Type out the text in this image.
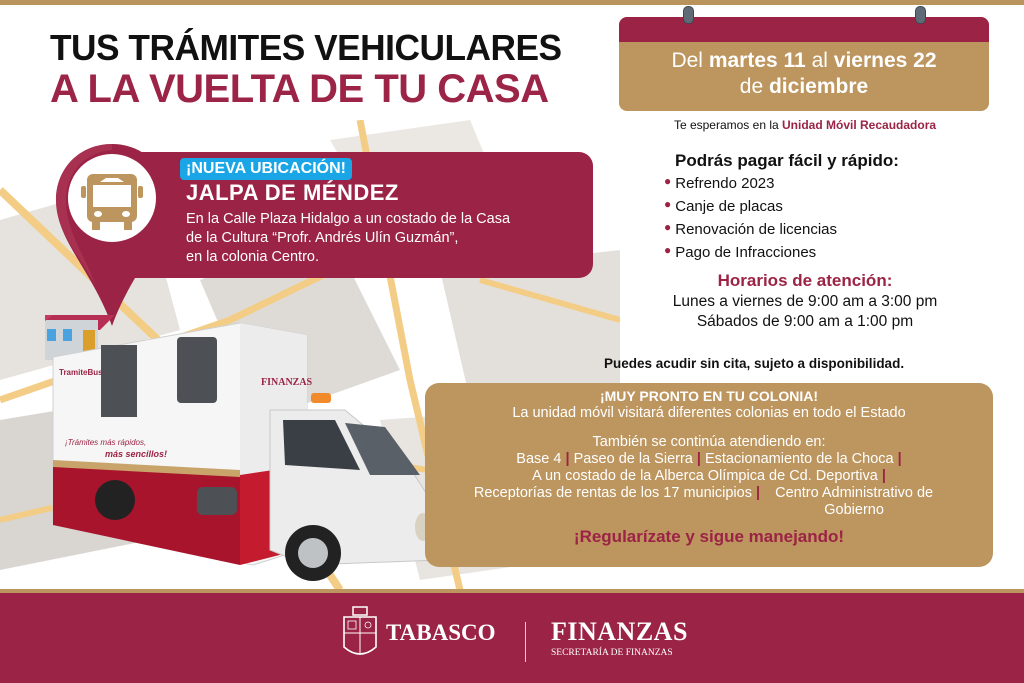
TUS TRÁMITES VEHICULARES
A LA VUELTA DE TU CASA
Del martes 11 al viernes 22
de diciembre
Te esperamos en la Unidad Móvil Recaudadora
Podrás pagar fácil y rápido:
● Refrendo 2023
● Canje de placas
● Renovación de licencias
● Pago de Infracciones
Horarios de atención:

Lunes a viernes de 9:00 am a 3:00 pm

Sábados de 9:00 am a 1:00 pm

Puedes acudir sin cita, sujeto a disponibilidad.
¡NUEVA UBICACIÓN!
JALPA DE MÉNDEZ
En la Calle Plaza Hidalgo a un costado de la Casa
de la Cultura “Profr. Andrés Ulín Guzmán”,
en la colonia Centro.
TramiteBus
¡Trámites más rápidos,
más sencillos!
FINANZAS
¡MUY PRONTO EN TU COLONIA!
La unidad móvil visitará diferentes colonias en todo el Estado
También se continúa atendiendo en:
Base 4 | Paseo de la Sierra | Estacionamiento de la Choca |
A un costado de la Alberca Olímpica de Cd. Deportiva |
Receptorías de rentas de los 17 municipios | Centro Administrativo de Gobierno
¡Regularízate y sigue manejando!
TABASCO FINANZAS
SECRETARÍA DE FINANZAS
